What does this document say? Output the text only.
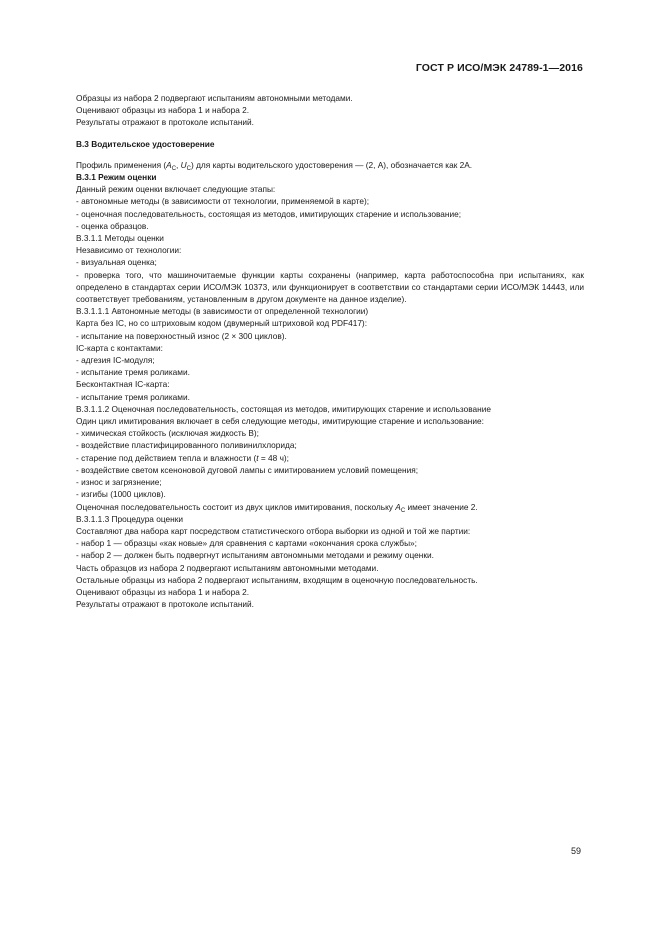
ГОСТ Р ИСО/МЭК 24789-1—2016

Образцы из набора 2 подвергают испытаниям автономными методами.

Оценивают образцы из набора 1 и набора 2.

Результаты отражают в протоколе испытаний.

В.3 Водительское удостоверение

Профиль применения ($A_C$, $U_C$) для карты водительского удостоверения — (2, A), обозначается как 2A.

В.3.1 Режим оценки

Данный режим оценки включает следующие этапы:

- автономные методы (в зависимости от технологии, применяемой в карте);

- оценочная последовательность, состоящая из методов, имитирующих старение и использование;

- оценка образцов.

В.3.1.1 Методы оценки

Независимо от технологии:

- визуальная оценка;

- проверка того, что машиночитаемые функции карты сохранены (например, карта работоспособна при испытаниях, как определено в стандартах серии ИСО/МЭК 10373, или функционирует в соответствии со стандартами серии ИСО/МЭК 14443, или соответствует требованиям, установленным в другом документе на данное изделие).

В.3.1.1.1 Автономные методы (в зависимости от определенной технологии)

Карта без IC, но со штриховым кодом (двумерный штриховой код PDF417):

- испытание на поверхностный износ (2 × 300 циклов).

IC-карта с контактами:

- адгезия IC-модуля;

- испытание тремя роликами.

Бесконтактная IC-карта:

- испытание тремя роликами.

В.3.1.1.2 Оценочная последовательность, состоящая из методов, имитирующих старение и использование

Один цикл имитирования включает в себя следующие методы, имитирующие старение и использование:

- химическая стойкость (исключая жидкость В);

- воздействие пластифицированного поливинилхлорида;

- старение под действием тепла и влажности (t = 48 ч);

- воздействие светом ксеноновой дуговой лампы с имитированием условий помещения;

- износ и загрязнение;

- изгибы (1000 циклов).

Оценочная последовательность состоит из двух циклов имитирования, поскольку $A_C$ имеет значение 2.

В.3.1.1.3 Процедура оценки

Составляют два набора карт посредством статистического отбора выборки из одной и той же партии:

- набор 1 — образцы «как новые» для сравнения с картами «окончания срока службы»;

- набор 2 — должен быть подвергнут испытаниям автономными методами и режиму оценки.

Часть образцов из набора 2 подвергают испытаниям автономными методами.

Остальные образцы из набора 2 подвергают испытаниям, входящим в оценочную последовательность.

Оценивают образцы из набора 1 и набора 2.

Результаты отражают в протоколе испытаний.

59
